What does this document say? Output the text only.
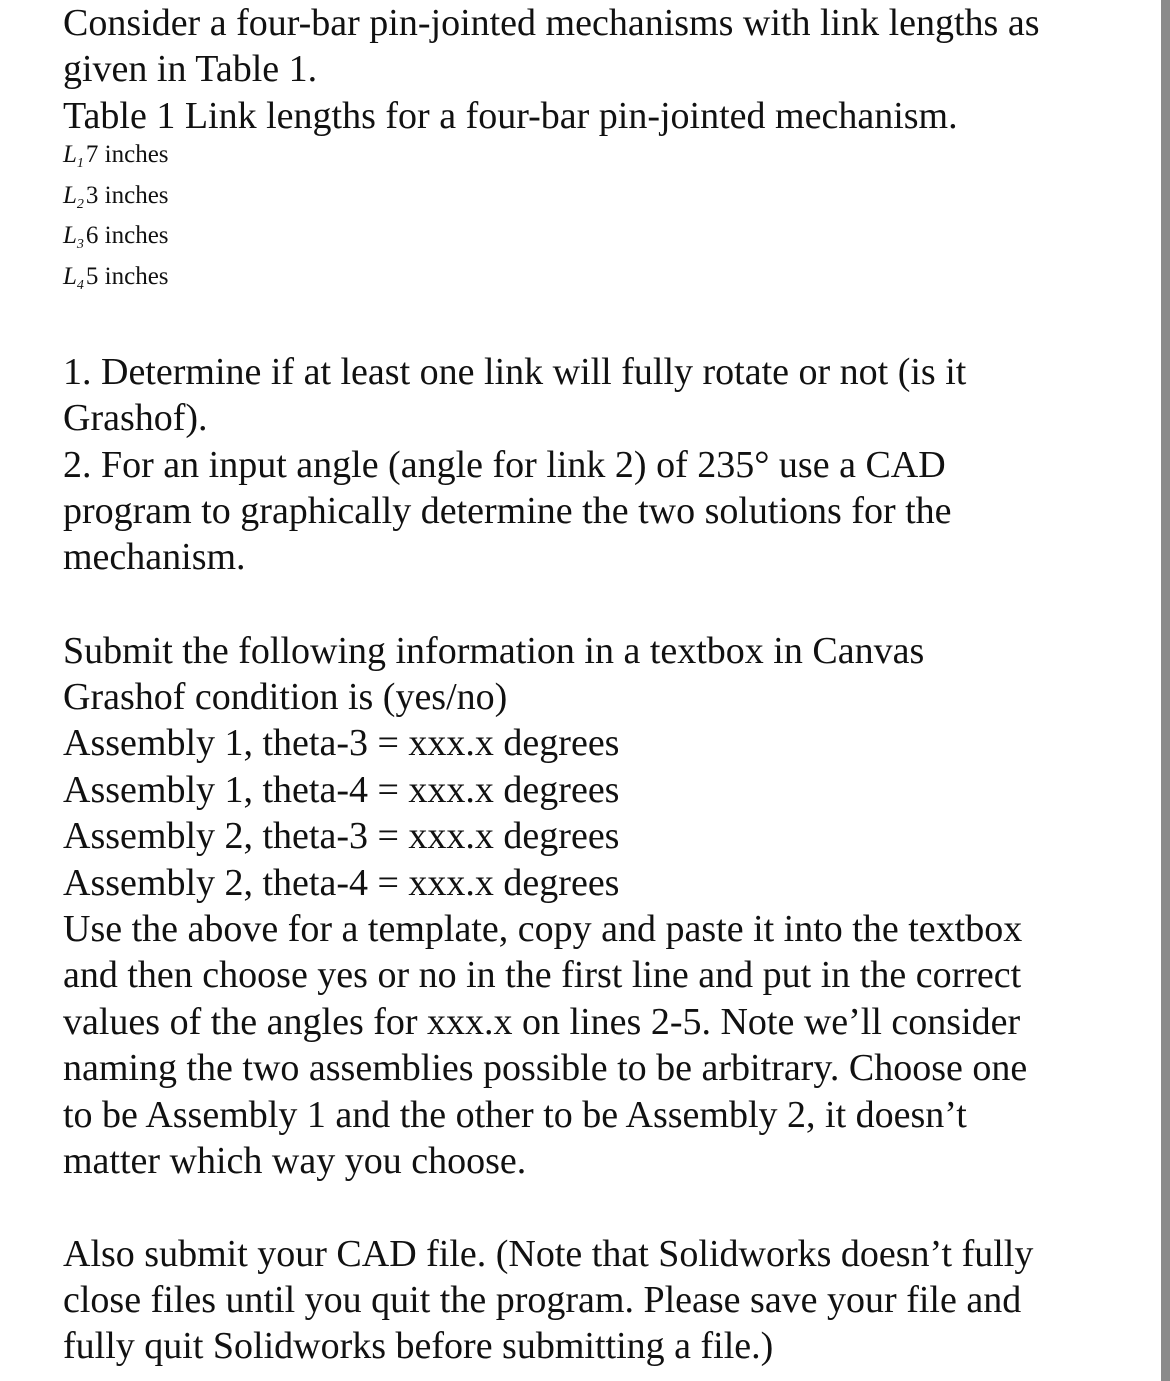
Consider a four-bar pin-jointed mechanisms with link lengths as
given in Table 1.
Table 1 Link lengths for a four-bar pin-jointed mechanism.
$L_17$ inches
$L_23$ inches
$L_36$ inches
$L_45$ inches
1. Determine if at least one link will fully rotate or not (is it
Grashof).
2. For an input angle (angle for link 2) of 235° use a CAD
program to graphically determine the two solutions for the
mechanism.
Submit the following information in a textbox in Canvas
Grashof condition is (yes/no)
Assembly 1, theta-3 = xxx.x degrees
Assembly 1, theta-4 = xxx.x degrees
Assembly 2, theta-3 = xxx.x degrees
Assembly 2, theta-4 = xxx.x degrees
Use the above for a template, copy and paste it into the textbox
and then choose yes or no in the first line and put in the correct
values of the angles for xxx.x on lines 2-5. Note we’ll consider
naming the two assemblies possible to be arbitrary. Choose one
to be Assembly 1 and the other to be Assembly 2, it doesn’t
matter which way you choose.
Also submit your CAD file. (Note that Solidworks doesn’t fully
close files until you quit the program. Please save your file and
fully quit Solidworks before submitting a file.)
